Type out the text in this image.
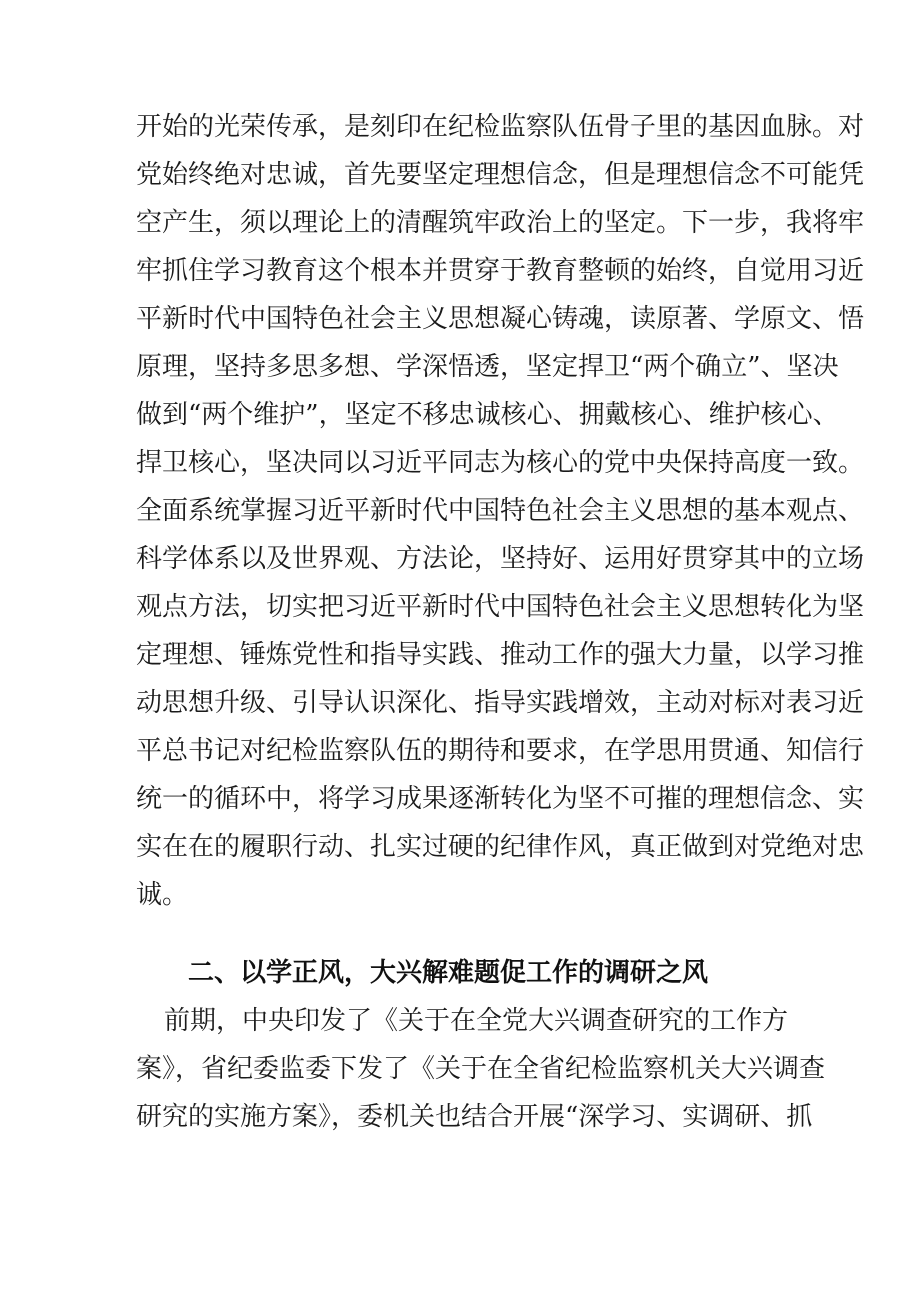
开始的光荣传承，是刻印在纪检监察队伍骨子里的基因血脉。对
党始终绝对忠诚，首先要坚定理想信念，但是理想信念不可能凭
空产生，须以理论上的清醒筑牢政治上的坚定。下一步，我将牢
牢抓住学习教育这个根本并贯穿于教育整顿的始终，自觉用习近
平新时代中国特色社会主义思想凝心铸魂，读原著、学原文、悟
原理，坚持多思多想、学深悟透，坚定捍卫“两个确立”、坚决
做到“两个维护”，坚定不移忠诚核心、拥戴核心、维护核心、
捍卫核心，坚决同以习近平同志为核心的党中央保持高度一致。
全面系统掌握习近平新时代中国特色社会主义思想的基本观点、
科学体系以及世界观、方法论，坚持好、运用好贯穿其中的立场
观点方法，切实把习近平新时代中国特色社会主义思想转化为坚
定理想、锤炼党性和指导实践、推动工作的强大力量，以学习推
动思想升级、引导认识深化、指导实践增效，主动对标对表习近
平总书记对纪检监察队伍的期待和要求，在学思用贯通、知信行
统一的循环中，将学习成果逐渐转化为坚不可摧的理想信念、实
实在在的履职行动、扎实过硬的纪律作风，真正做到对党绝对忠
诚。
二、以学正风，大兴解难题促工作的调研之风
前期，中央印发了《关于在全党大兴调查研究的工作方
案》，省纪委监委下发了《关于在全省纪检监察机关大兴调查
研究的实施方案》，委机关也结合开展“深学习、实调研、抓
